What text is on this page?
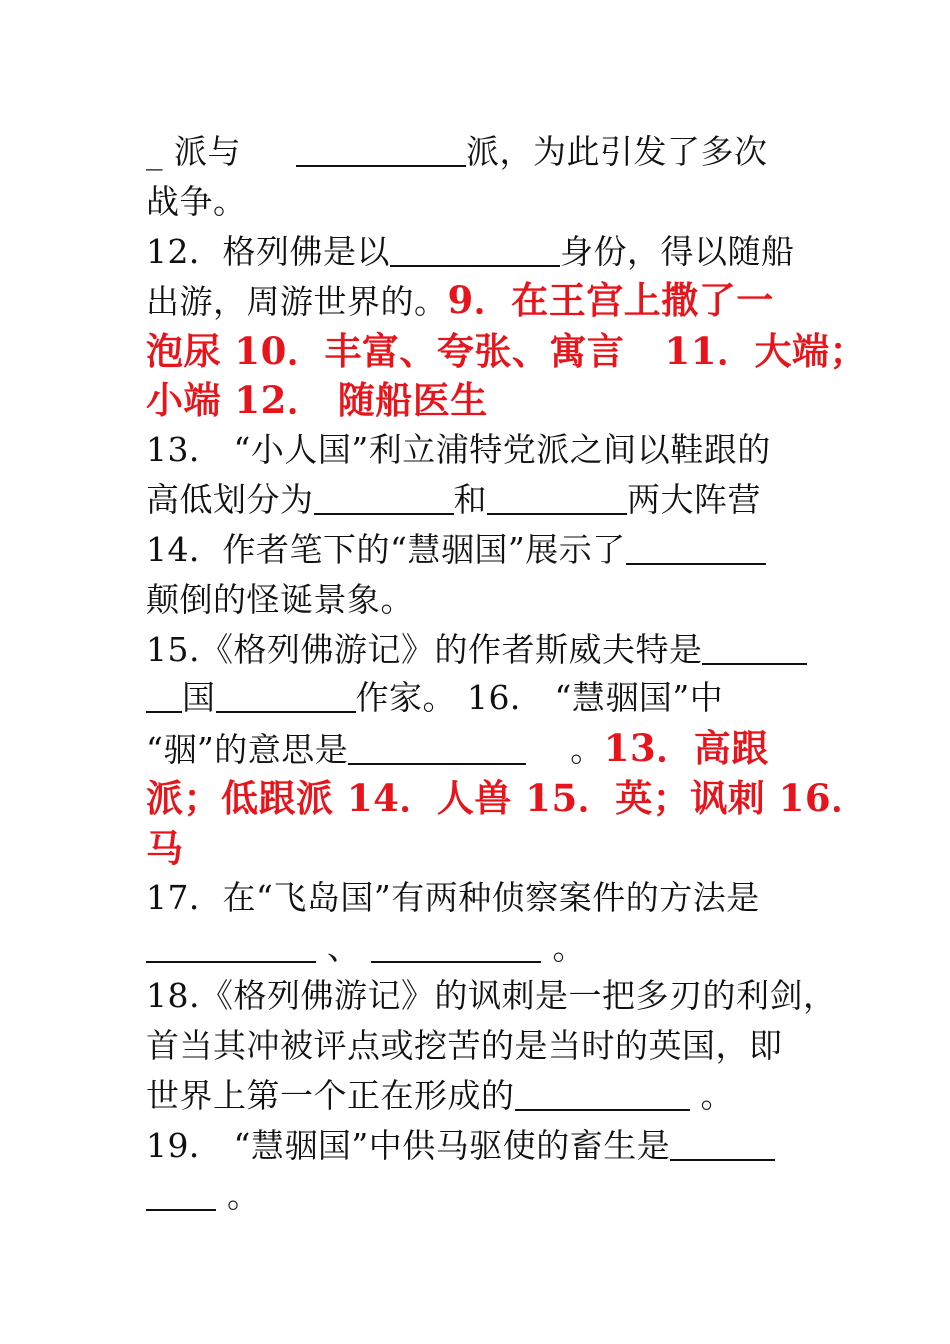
_ 派与	派，为此引发了多次
战争。
12．格列佛是以	身份，得以随船
出游，周游世界的。9．在王宫上撒了一
泡尿 10．丰富、夸张、寓言   11．大端；
小端 12． 随船医生
13． “小人国”利立浦特党派之间以鞋跟的
高低划分为	和	两大阵营
14．作者笔下的“慧骃国”展示了
颠倒的怪诞景象。
15.《格列佛游记》的作者斯威夫特是
国	作家。 16． “慧骃国”中
“骃”的意思是	。13．高跟
派；低跟派 14．人兽 15．英；讽刺 16．
马
17．在“飞岛国”有两种侦察案件的方法是
、	。
18.《格列佛游记》的讽刺是一把多刃的利剑，
首当其冲被评点或挖苦的是当时的英国，即
世界上第一个正在形成的	。
19． “慧骃国”中供马驱使的畜生是
。
